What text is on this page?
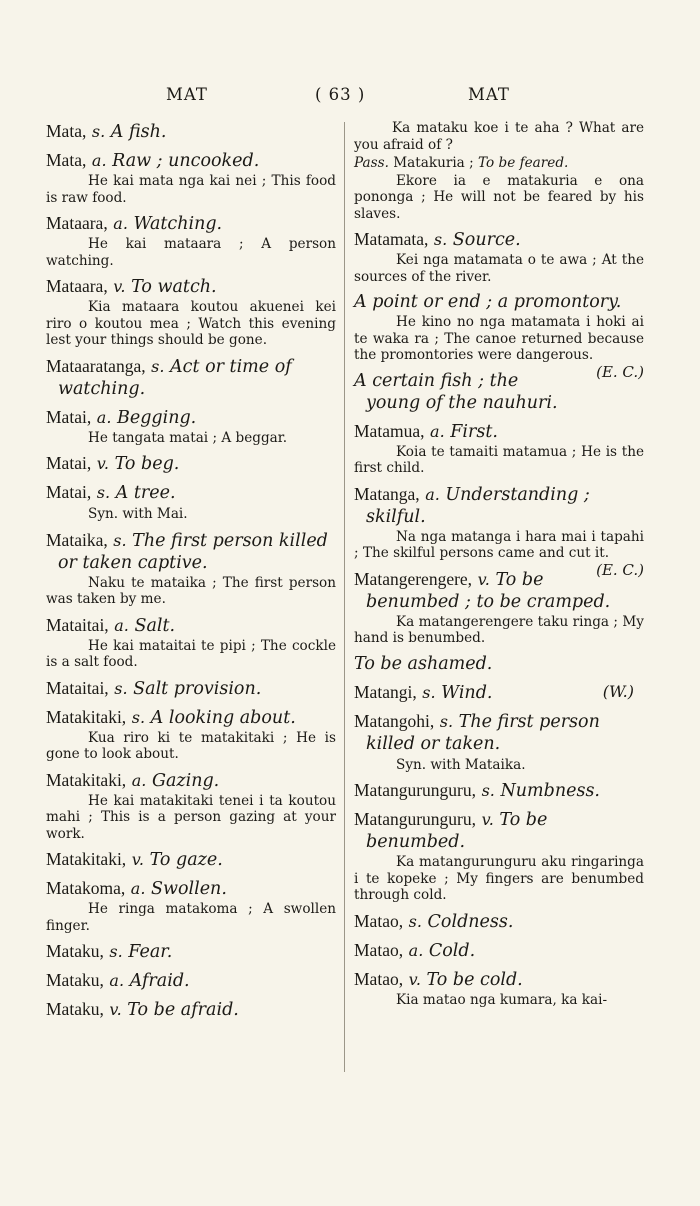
MAT	( 63 )	MAT
Mata, s. A fish.
Mata, a. Raw ; uncooked.

He kai mata nga kai nei ; This food is raw food.

Mataara, a. Watching.

He kai mataara ; A person watching.

Mataara, v. To watch.

Kia mataara koutou akuenei kei riro o koutou mea ; Watch this evening lest your things should be gone.

Mataaratanga, s. Act or time of watching.
Matai, a. Begging.

He tangata matai ; A beggar.

Matai, v. To beg.
Matai, s. A tree.

Syn. with Mai.

Mataika, s. The first person killed or taken captive.

Naku te mataika ; The first person was taken by me.

Mataitai, a. Salt.

He kai mataitai te pipi ; The cockle is a salt food.

Mataitai, s. Salt provision.
Matakitaki, s. A looking about.

Kua riro ki te matakitaki ; He is gone to look about.

Matakitaki, a. Gazing.

He kai matakitaki tenei i ta koutou mahi ; This is a person gazing at your work.

Matakitaki, v. To gaze.
Matakoma, a. Swollen.

He ringa matakoma ; A swollen finger.

Mataku, s. Fear.
Mataku, a. Afraid.
Mataku, v. To be afraid.

Ka mataku koe i te aha ? What are you afraid of ?

Pass. Matakuria ; To be feared.

Ekore ia e matakuria e ona pononga ; He will not be feared by his slaves.

Matamata, s. Source.

Kei nga matamata o te awa ; At the sources of the river.

A point or end ; a promontory.

He kino no nga matamata i hoki ai te waka ra ; The canoe returned because the promontories were dangerous.
(E. C.)

A certain fish ; the young of the nauhuri.

Matamua, a. First.

Koia te tamaiti matamua ; He is the first child.

Matanga, a. Understanding ; skilful.

Na nga matanga i hara mai i tapahi ; The skilful persons came and cut it.
(E. C.)

Matangerengere, v. To be benumbed ; to be cramped.

Ka matangerengere taku ringa ; My hand is benumbed.

To be ashamed.

Matangi, s. Wind.	(W.)
Matangohi, s. The first person killed or taken.

Syn. with Mataika.

Matangurunguru, s. Numbness.
Matangurunguru, v. To be benumbed.

Ka matangurunguru aku ringaringa i te kopeke ; My fingers are benumbed through cold.

Matao, s. Coldness.
Matao, a. Cold.
Matao, v. To be cold.

Kia matao nga kumara, ka kai-
